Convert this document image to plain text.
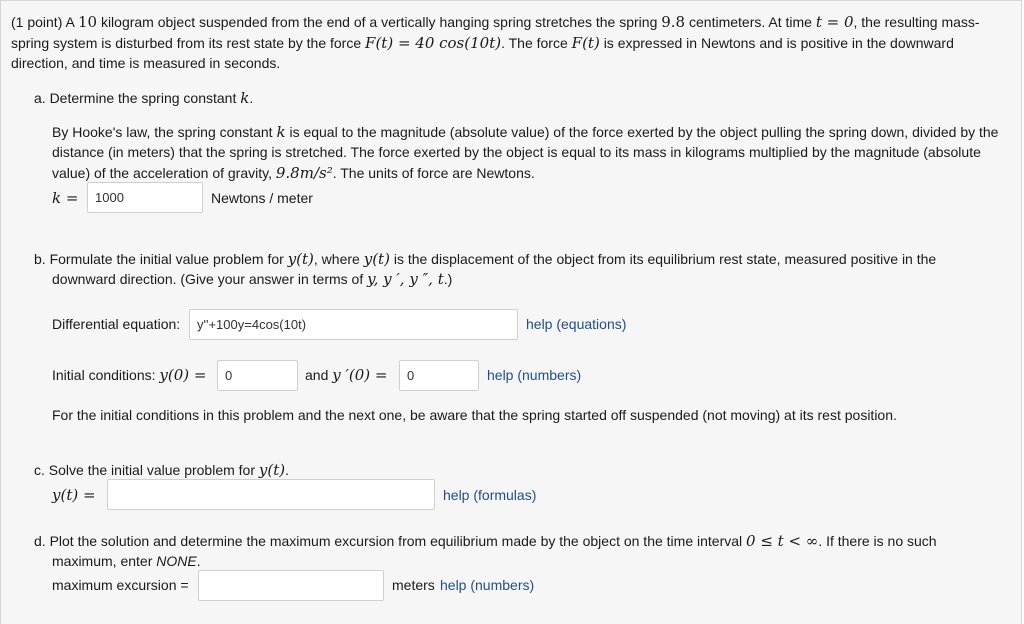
(1 point) A 10 kilogram object suspended from the end of a vertically hanging spring stretches the spring 9.8 centimeters. At time t = 0, the resulting mass-
spring system is disturbed from its rest state by the force F(t) = 40 cos(10t). The force F(t) is expressed in Newtons and is positive in the downward
direction, and time is measured in seconds.
a. Determine the spring constant k.
By Hooke's law, the spring constant k is equal to the magnitude (absolute value) of the force exerted by the object pulling the spring down, divided by the
distance (in meters) that the spring is stretched. The force exerted by the object is equal to its mass in kilograms multiplied by the magnitude (absolute
value) of the acceleration of gravity, 9.8m/s². The units of force are Newtons.
k =	1000	Newtons / meter
b. Formulate the initial value problem for y(t), where y(t) is the displacement of the object from its equilibrium rest state, measured positive in the
downward direction. (Give your answer in terms of y, y ′, y ″, t.)
Differential equation:	y''+100y=4cos(10t)	help (equations)
Initial conditions: y(0) =	0	and y ′(0) =	0	help (numbers)
For the initial conditions in this problem and the next one, be aware that the spring started off suspended (not moving) at its rest position.
c. Solve the initial value problem for y(t).
y(t) =	help (formulas)
d. Plot the solution and determine the maximum excursion from equilibrium made by the object on the time interval 0 ≤ t < ∞. If there is no such
maximum, enter NONE.
maximum excursion =	meters help (numbers)
